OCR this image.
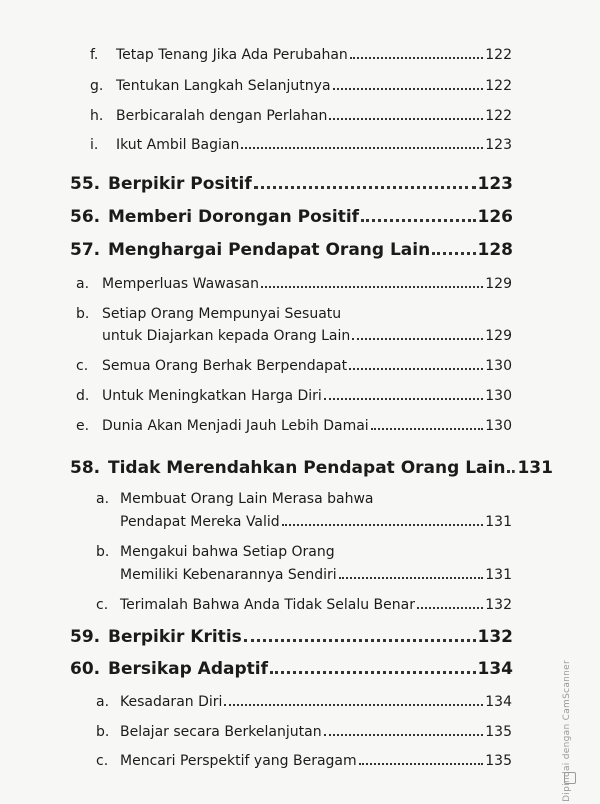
f.	Tetap Tenang Jika Ada Perubahan	122
g. Tentukan Langkah Selanjutnya	122
h. Berbicaralah dengan Perlahan	122
i.	Ikut Ambil Bagian	123
55. Berpikir Positif	123
56. Memberi Dorongan Positif	126
57. Menghargai Pendapat Orang Lain	128
a. Memperluas Wawasan	129
b. Setiap Orang Mempunyai Sesuatu
untuk Diajarkan kepada Orang Lain	129
c. Semua Orang Berhak Berpendapat	130
d. Untuk Meningkatkan Harga Diri	130
e. Dunia Akan Menjadi Jauh Lebih Damai	130
58. Tidak Merendahkan Pendapat Orang Lain 131
a. Membuat Orang Lain Merasa bahwa
Pendapat Mereka Valid	131
b. Mengakui bahwa Setiap Orang
Memiliki Kebenarannya Sendiri	131
c. Terimalah Bahwa Anda Tidak Selalu Benar	132
59. Berpikir Kritis	132
60. Bersikap Adaptif	134
a. Kesadaran Diri	134
b. Belajar secara Berkelanjutan	135
c. Mencari Perspektif yang Beragam	135	Dipindai dengan CamScanner
